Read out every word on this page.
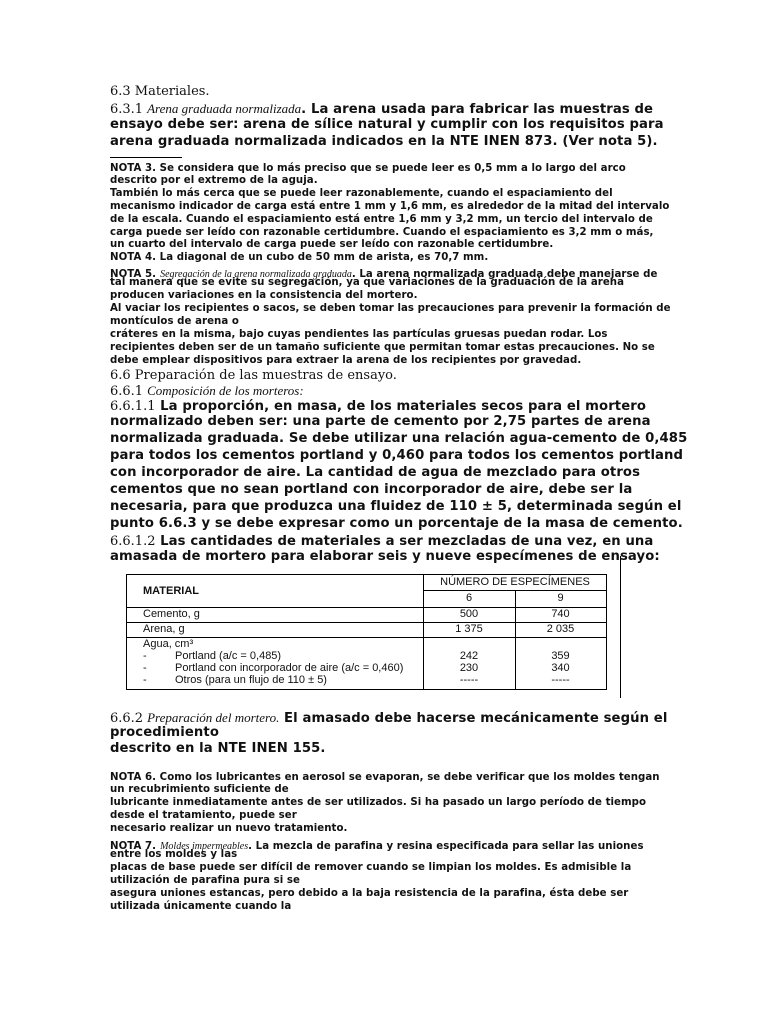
6.3 Materiales.
6.3.1 Arena graduada normalizada. La arena usada para fabricar las muestras de
ensayo debe ser: arena de sílice natural y cumplir con los requisitos para
arena graduada normalizada indicados en la NTE INEN 873. (Ver nota 5).
NOTA 3. Se considera que lo más preciso que se puede leer es 0,5 mm a lo largo del arco
descrito por el extremo de la aguja.
También lo más cerca que se puede leer razonablemente, cuando el espaciamiento del
mecanismo indicador de carga está entre 1 mm y 1,6 mm, es alrededor de la mitad del intervalo
de la escala. Cuando el espaciamiento está entre 1,6 mm y 3,2 mm, un tercio del intervalo de
carga puede ser leído con razonable certidumbre. Cuando el espaciamiento es 3,2 mm o más,
un cuarto del intervalo de carga puede ser leído con razonable certidumbre.
NOTA 4. La diagonal de un cubo de 50 mm de arista, es 70,7 mm.
NOTA 5. Segregación de la arena normalizada graduada. La arena normalizada graduada debe manejarse de
tal manera que se evite su segregación, ya que variaciones de la graduación de la arena
producen variaciones en la consistencia del mortero.
Al vaciar los recipientes o sacos, se deben tomar las precauciones para prevenir la formación de
montículos de arena o
cráteres en la misma, bajo cuyas pendientes las partículas gruesas puedan rodar. Los
recipientes deben ser de un tamaño suficiente que permitan tomar estas precauciones. No se
debe emplear dispositivos para extraer la arena de los recipientes por gravedad.
6.6 Preparación de las muestras de ensayo.
6.6.1 Composición de los morteros:
6.6.1.1 La proporción, en masa, de los materiales secos para el mortero
normalizado deben ser: una parte de cemento por 2,75 partes de arena
normalizada graduada. Se debe utilizar una relación agua-cemento de 0,485
para todos los cementos portland y 0,460 para todos los cementos portland
con incorporador de aire. La cantidad de agua de mezclado para otros
cementos que no sean portland con incorporador de aire, debe ser la
necesaria, para que produzca una fluidez de 110 ± 5, determinada según el
punto 6.6.3 y se debe expresar como un porcentaje de la masa de cemento.
6.6.1.2 Las cantidades de materiales a ser mezcladas de una vez, en una
amasada de mortero para elaborar seis y nueve especímenes de ensayo:
MATERIAL
NÚMERO DE ESPECÍMENES
6	9
Cemento, g	500	740
Arena, g	1 375	2 035
Agua, cm³
-	Portland (a/c = 0,485)	242	359
-	Portland con incorporador de aire (a/c = 0,460)	230	340
-	Otros (para un flujo de 110 ± 5)	-----	-----
6.6.2 Preparación del mortero. El amasado debe hacerse mecánicamente según el
procedimiento
descrito en la NTE INEN 155.
NOTA 6. Como los lubricantes en aerosol se evaporan, se debe verificar que los moldes tengan
un recubrimiento suficiente de
lubricante inmediatamente antes de ser utilizados. Si ha pasado un largo período de tiempo
desde el tratamiento, puede ser
necesario realizar un nuevo tratamiento.
NOTA 7. Moldes impermeables. La mezcla de parafina y resina especificada para sellar las uniones
entre los moldes y las
placas de base puede ser difícil de remover cuando se limpian los moldes. Es admisible la
utilización de parafina pura si se
asegura uniones estancas, pero debido a la baja resistencia de la parafina, ésta debe ser
utilizada únicamente cuando la
